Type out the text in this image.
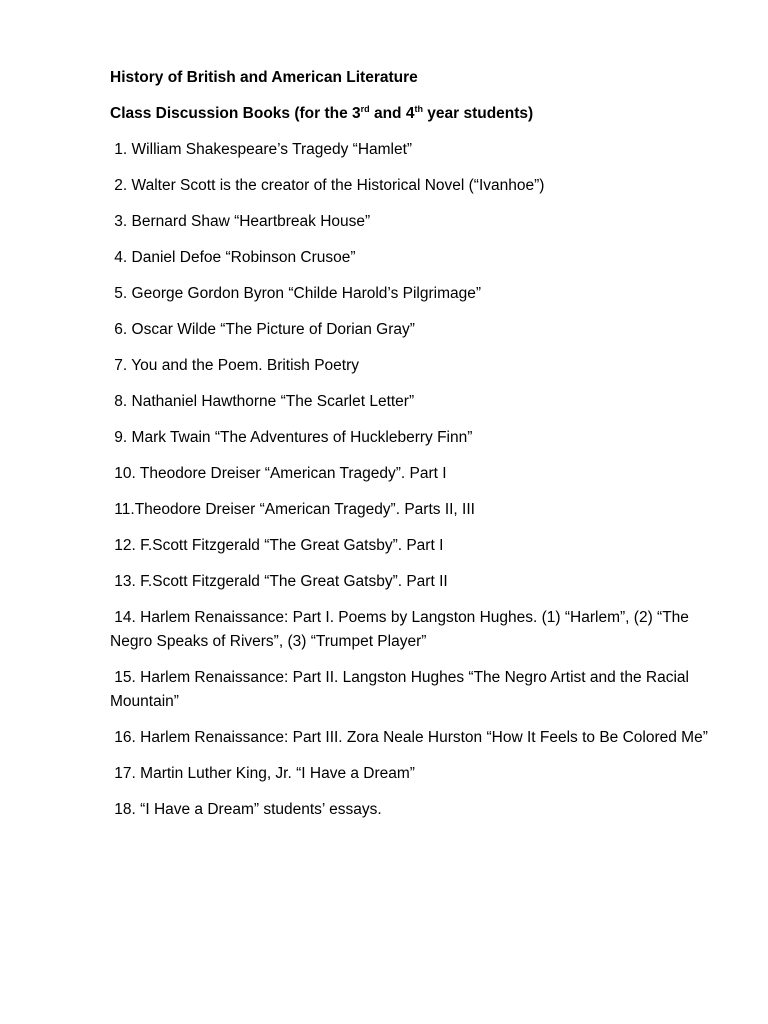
History of British and American Literature

Class Discussion Books (for the 3rd and 4th year students)

1. William Shakespeare’s Tragedy “Hamlet”

2. Walter Scott is the creator of the Historical Novel (“Ivanhoe”)

3. Bernard Shaw “Heartbreak House”

4. Daniel Defoe “Robinson Crusoe”

5. George Gordon Byron “Childe Harold’s Pilgrimage”

6. Oscar Wilde “The Picture of Dorian Gray”

7. You and the Poem. British Poetry

8. Nathaniel Hawthorne “The Scarlet Letter”

9. Mark Twain “The Adventures of Huckleberry Finn”

10. Theodore Dreiser “American Tragedy”. Part I

11.Theodore Dreiser “American Tragedy”. Parts II, III

12. F.Scott Fitzgerald “The Great Gatsby”. Part I

13. F.Scott Fitzgerald “The Great Gatsby”. Part II

14. Harlem Renaissance: Part I. Poems by Langston Hughes. (1) “Harlem”, (2) “The Negro Speaks of Rivers”, (3) “Trumpet Player”

15. Harlem Renaissance: Part II. Langston Hughes “The Negro Artist and the Racial Mountain”

16. Harlem Renaissance: Part III. Zora Neale Hurston “How It Feels to Be Colored Me”

17. Martin Luther King, Jr. “I Have a Dream”

18. “I Have a Dream” students’ essays.
